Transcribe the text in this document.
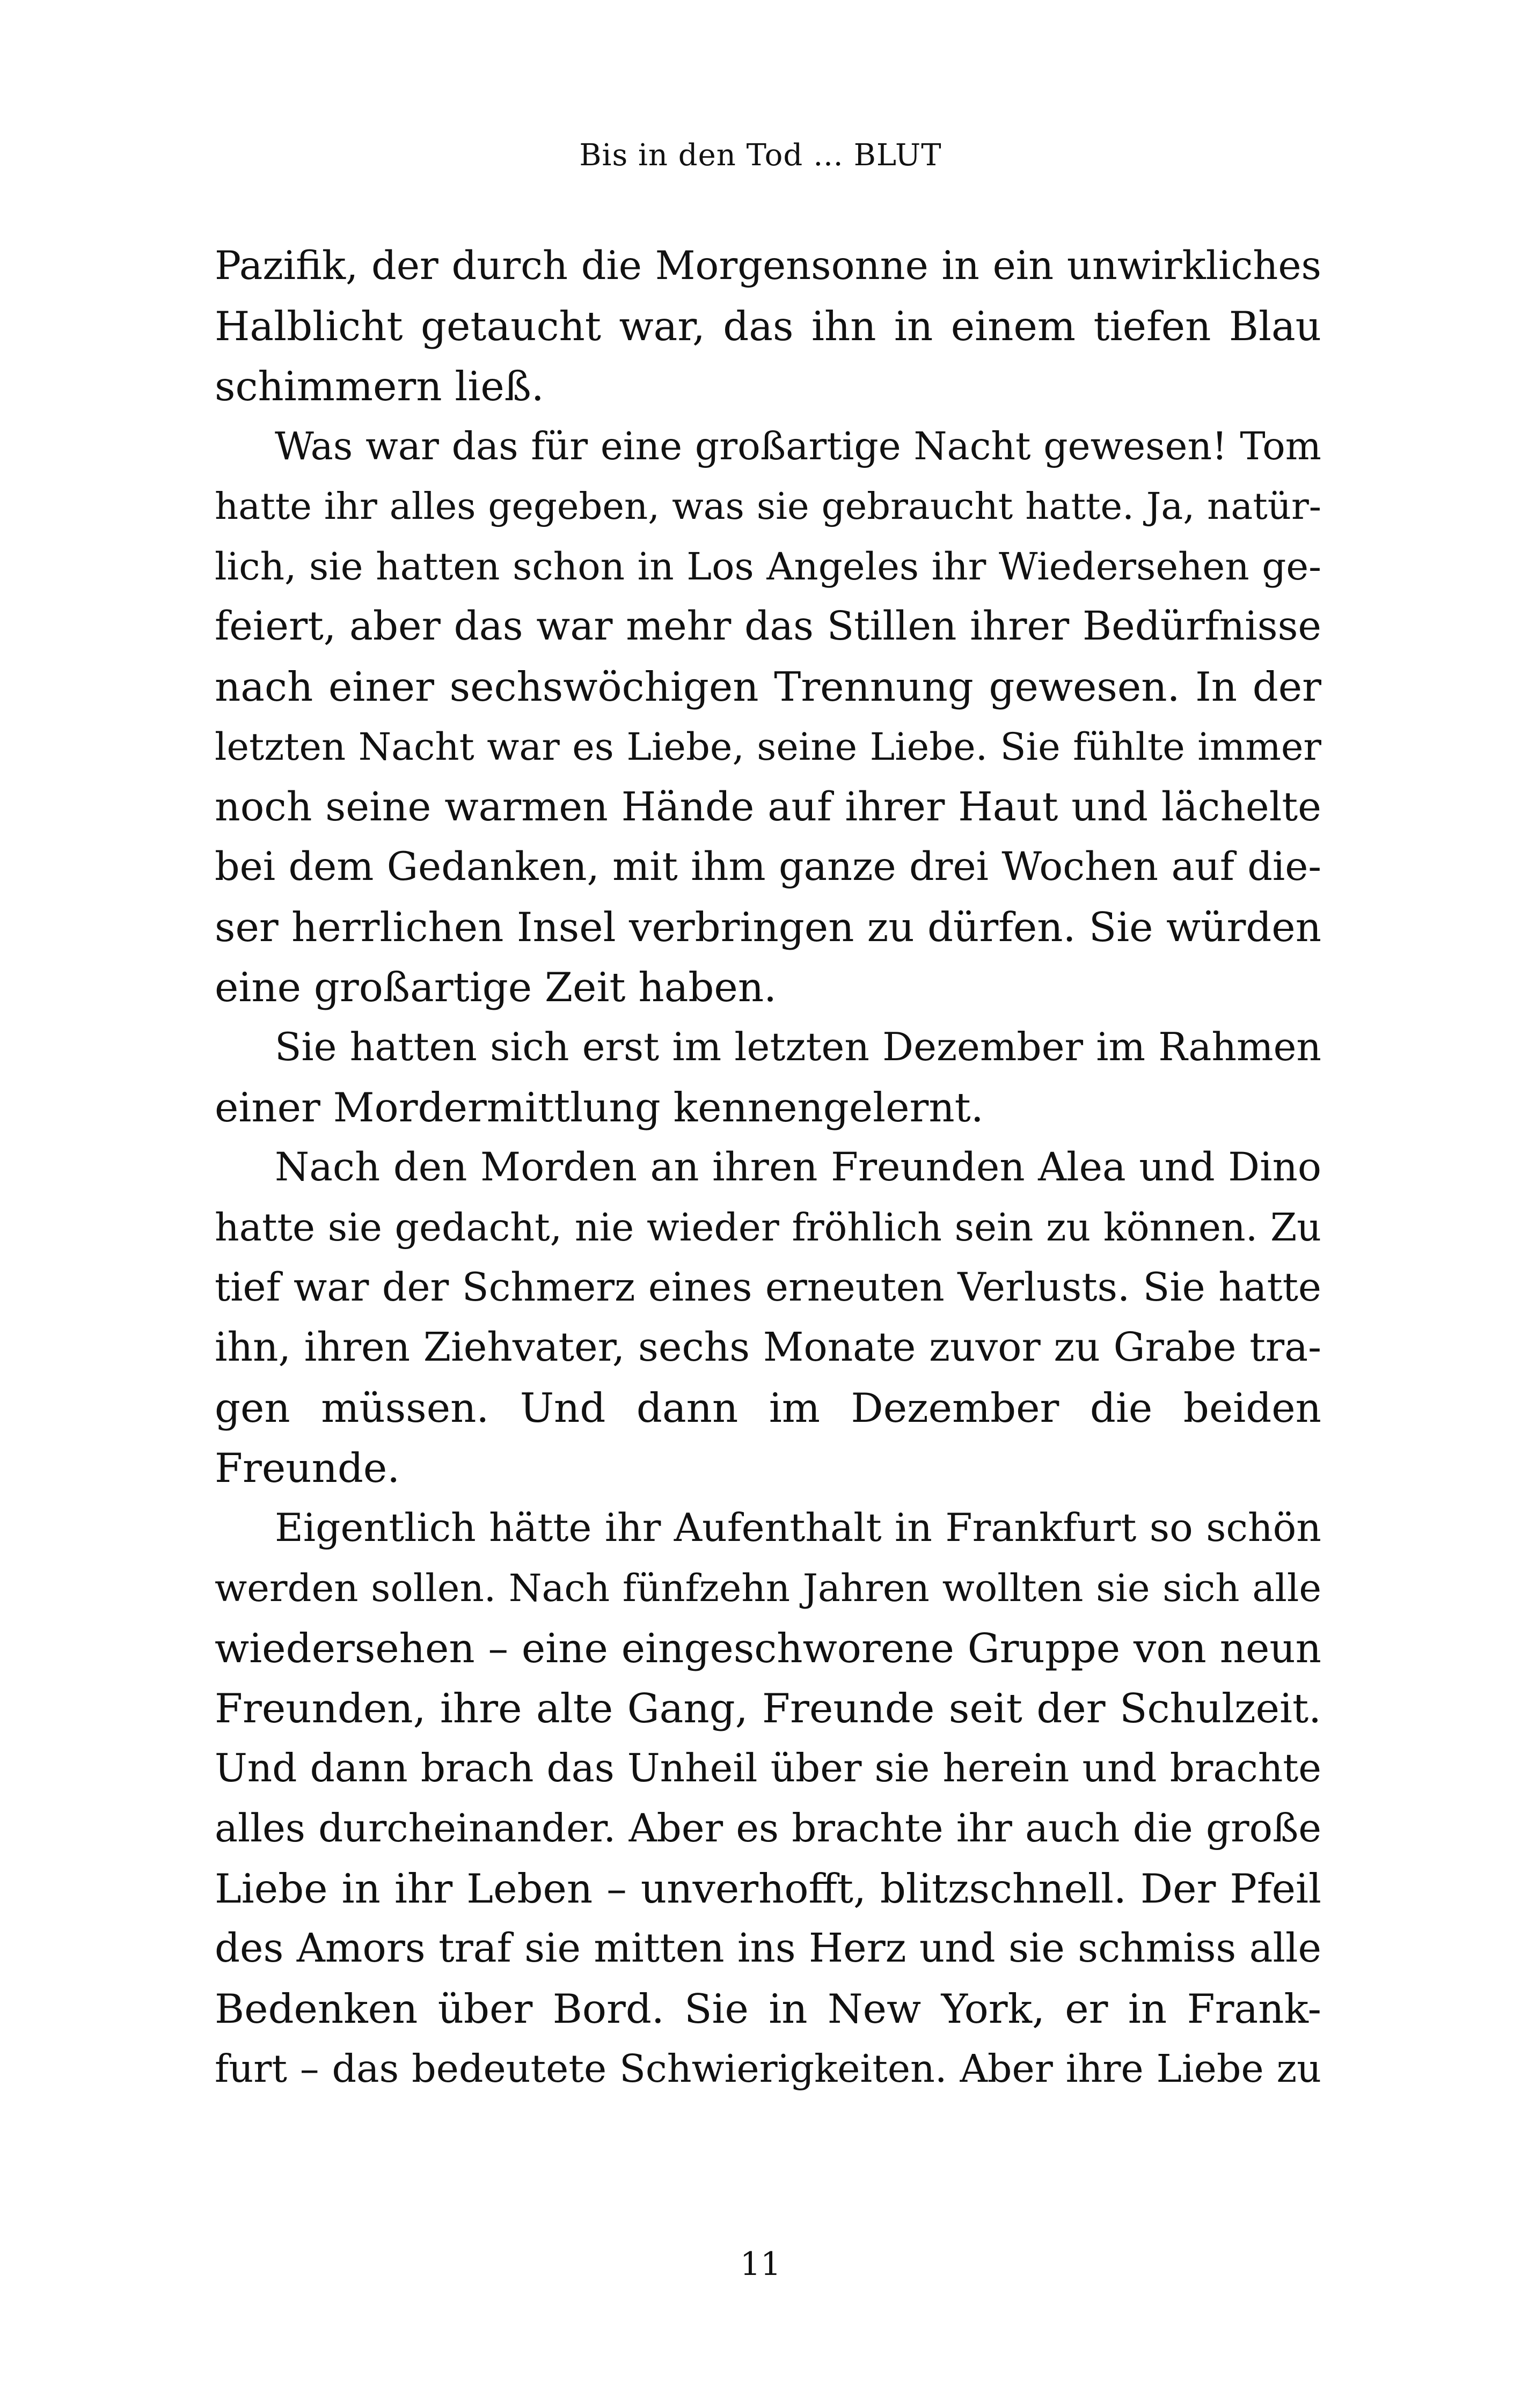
Bis in den Tod … BLUT
Pazifik, der durch die Morgensonne in ein unwirkliches
Halblicht getaucht war, das ihn in einem tiefen Blau
schimmern ließ.
Was war das für eine großartige Nacht gewesen! Tom
hatte ihr alles gegeben, was sie gebraucht hatte. Ja, natür-
lich, sie hatten schon in Los Angeles ihr Wiedersehen ge-
feiert, aber das war mehr das Stillen ihrer Bedürfnisse
nach einer sechswöchigen Trennung gewesen. In der
letzten Nacht war es Liebe, seine Liebe. Sie fühlte immer
noch seine warmen Hände auf ihrer Haut und lächelte
bei dem Gedanken, mit ihm ganze drei Wochen auf die-
ser herrlichen Insel verbringen zu dürfen. Sie würden
eine großartige Zeit haben.
Sie hatten sich erst im letzten Dezember im Rahmen
einer Mordermittlung kennengelernt.
Nach den Morden an ihren Freunden Alea und Dino
hatte sie gedacht, nie wieder fröhlich sein zu können. Zu
tief war der Schmerz eines erneuten Verlusts. Sie hatte
ihn, ihren Ziehvater, sechs Monate zuvor zu Grabe tra-
gen müssen. Und dann im Dezember die beiden
Freunde.
Eigentlich hätte ihr Aufenthalt in Frankfurt so schön
werden sollen. Nach fünfzehn Jahren wollten sie sich alle
wiedersehen – eine eingeschworene Gruppe von neun
Freunden, ihre alte Gang, Freunde seit der Schulzeit.
Und dann brach das Unheil über sie herein und brachte
alles durcheinander. Aber es brachte ihr auch die große
Liebe in ihr Leben – unverhofft, blitzschnell. Der Pfeil
des Amors traf sie mitten ins Herz und sie schmiss alle
Bedenken über Bord. Sie in New York, er in Frank-
furt – das bedeutete Schwierigkeiten. Aber ihre Liebe zu
11
